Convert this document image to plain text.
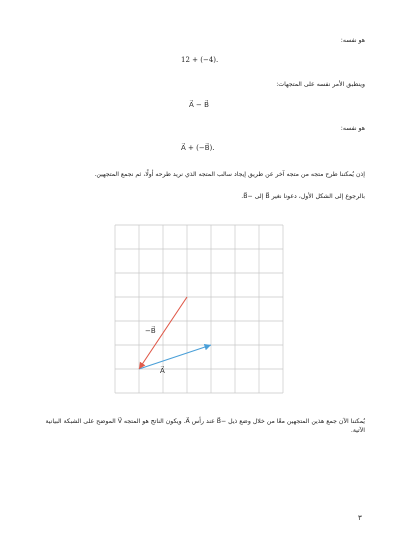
هو نفسه:
12 + (−4).
وينطبق الأمر نفسه على المتجهات:
A⃗ − B⃗
هو نفسه:
A⃗ + (−B⃗).
إذن يُمكننا طرح متجه من متجه آخر عن طريق إيجاد سالب المتجه الذي نريد طرحه أولًا، ثم نجمع المتجهين.
بالرجوع إلى الشكل الأول، دعونا نغير B⃗ إلى −B⃗.
A⃗
−B⃗
يُمكننا الآن جمع هذين المتجهين معًا من خلال وضع ذيل −B⃗ عند رأس A⃗. ويكون الناتج هو المتجه V⃗ الموضح على الشبكة البيانية الآتية.
٣
